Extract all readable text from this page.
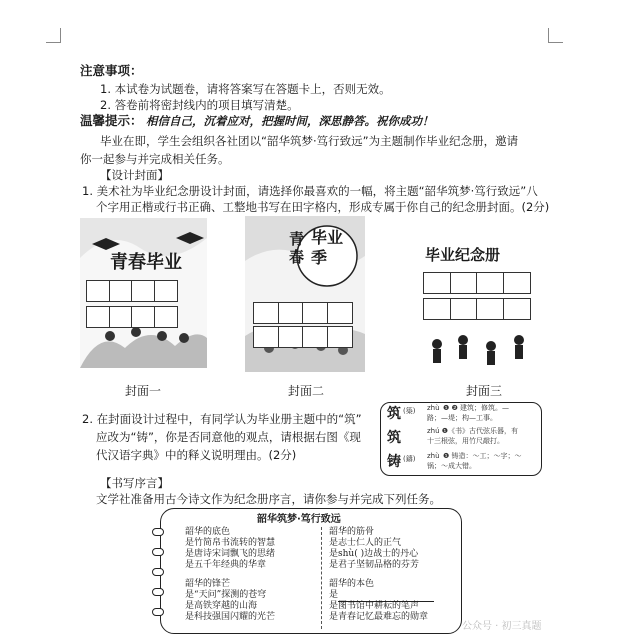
注意事项：
1. 本试卷为试题卷，请将答案写在答题卡上，否则无效。
2. 答卷前将密封线内的项目填写清楚。
温馨提示： 相信自己，沉着应对，把握时间，深思静答。祝你成功！
毕业在即，学生会组织各社团以“韶华筑梦·笃行致远”为主题制作毕业纪念册，邀请
你一起参与并完成相关任务。
【设计封面】
1. 美术社为毕业纪念册设计封面，请选择你最喜欢的一幅，将主题“韶华筑梦·笃行致远”八
个字用正楷或行书正确、工整地书写在田字格内，形成专属于你自己的纪念册封面。(2分)
青春毕业
封面一
青
春
毕业季
封面二
毕业纪念册
封面三
2. 在封面设计过程中，有同学认为毕业册主题中的“筑”
应改为“铸”，你是否同意他的观点，请根据右图《现
代汉语字典》中的释义说明理由。(2分)
筑 (築) zhù ❶ ❷ 建筑；修筑。—
路；—堤；构—工事。
筑	zhú ❶《书》古代弦乐器，有
十三根弦，用竹尺敲打。
铸 (鑄) zhù ❶ 铸造：～工；～字；～
锅；～成大错。
【书写序言】
文学社准备用古今诗文作为纪念册序言，请你参与并完成下列任务。
韶华筑梦·笃行致远
韶华的底色
是竹简帛书流转的智慧
是唐诗宋词飘飞的思绪
是五千年经典的华章
韶华的筋骨
是志士仁人的正气
是shù( )边战士的丹心
是君子坚韧品格的芬芳
韶华的锋芒
是“天问”探测的苍穹
是高铁穿越的山海
是科技强国闪耀的光芒
韶华的本色
是
是图书馆中耕耘的笔声
是青春记忆最难忘的勋章
公众号 · 初三真题
